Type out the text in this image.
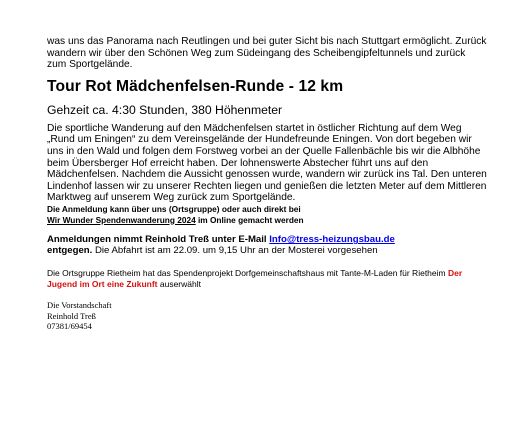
was uns das Panorama nach Reutlingen und bei guter Sicht bis nach Stuttgart ermöglicht. Zurück wandern wir über den Schönen Weg zum Südeingang des Scheibengipfeltunnels und zurück zum Sportgelände.

Tour Rot Mädchenfelsen-Runde - 12 km

Gehzeit ca. 4:30 Stunden, 380 Höhenmeter

Die sportliche Wanderung auf den Mädchenfelsen startet in östlicher Richtung auf dem Weg „Rund um Eningen“ zu dem Vereinsgelände der Hundefreunde Eningen. Von dort begeben wir uns in den Wald und folgen dem Forstweg vorbei an der Quelle Fallenbächle bis wir die Albhöhe beim Übersberger Hof erreicht haben. Der lohnenswerte Abstecher führt uns auf den Mädchenfelsen. Nachdem die Aussicht genossen wurde, wandern wir zurück ins Tal. Den unteren Lindenhof lassen wir zu unserer Rechten liegen und genießen die letzten Meter auf dem Mittleren Marktweg auf unserem Weg zurück zum Sportgelände.

Die Anmeldung kann über uns (Ortsgruppe) oder auch direkt bei
Wir Wunder Spendenwanderung 2024 im Online gemacht werden

Anmeldungen nimmt Reinhold Treß unter E-Mail Info@tress-heizungsbau.de
entgegen. Die Abfahrt ist am 22.09. um 9,15 Uhr an der Mosterei vorgesehen

Die Ortsgruppe Rietheim hat das Spendenprojekt Dorfgemeinschaftshaus mit Tante-M-Laden für Rietheim Der Jugend im Ort eine Zukunft auserwählt

Die Vorstandschaft
Reinhold Treß
07381/69454
